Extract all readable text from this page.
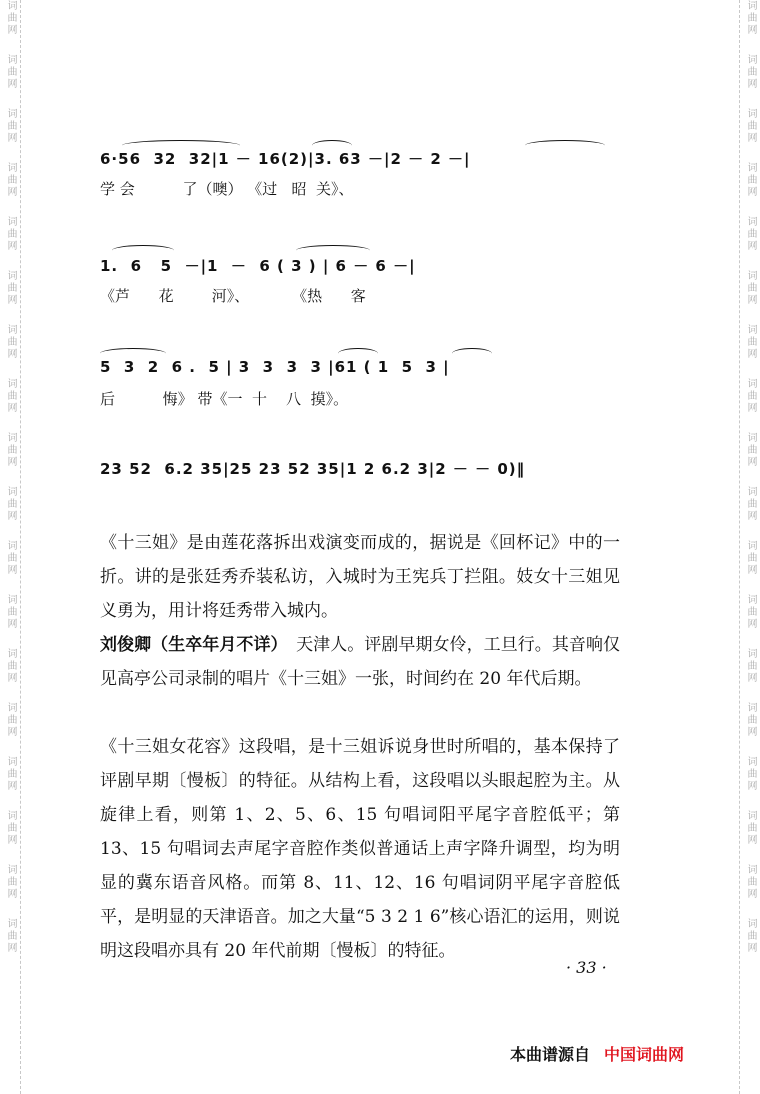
词曲网
词曲网
词曲网
词曲网
词曲网
词曲网
词曲网
词曲网
词曲网
词曲网
词曲网
词曲网
词曲网
词曲网
词曲网
词曲网
词曲网
词曲网
词曲网
词曲网
词曲网
词曲网
词曲网
词曲网
词曲网
词曲网
词曲网
词曲网
词曲网
词曲网
词曲网
词曲网
词曲网
词曲网
词曲网
词曲网
6·56  32  32|1 － 16(2)|3. 63 －|2 － 2 －|
学 会          了（噢） 《过   昭  关》、
1.  6   5  －|1  －  6 ( 3 ) | 6 － 6 －|
《芦      花        河》、         《热      客
5  3  2  6 .  5 | 3  3  3  3 |61 ( 1  5  3 |
后          悔》 带《一  十    八  摸》。
23 52  6.2 35|25 23 52 35|1 2 6.2 3|2 － － 0)‖
《十三姐》是由莲花落拆出戏演变而成的，据说是《回杯记》中的一折。讲的是张廷秀乔装私访，入城时为王宪兵丁拦阻。妓女十三姐见义勇为，用计将廷秀带入城内。
刘俊卿（生卒年月不详）　天津人。评剧早期女伶，工旦行。其音响仅见高亭公司录制的唱片《十三姐》一张，时间约在 20 年代后期。
《十三姐女花容》这段唱，是十三姐诉说身世时所唱的，基本保持了评剧早期〔慢板〕的特征。从结构上看，这段唱以头眼起腔为主。从旋律上看，则第 1、2、5、6、15 句唱词阳平尾字音腔低平；第 13、15 句唱词去声尾字音腔作类似普通话上声字降升调型，均为明显的冀东语音风格。而第 8、11、12、16 句唱词阴平尾字音腔低平，是明显的天津语音。加之大量“5 3 2 1 6”核心语汇的运用，则说明这段唱亦具有 20 年代前期〔慢板〕的特征。
· 33 ·
本曲谱源自 中国词曲网
